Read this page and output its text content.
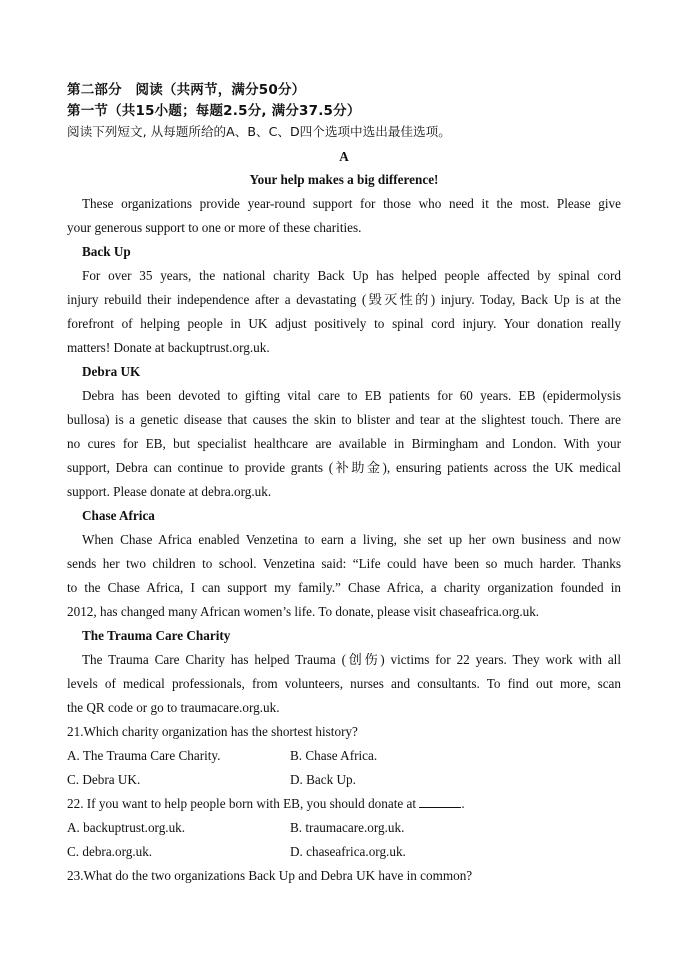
第二部分　阅读（共两节，满分50分）
第一节（共15小题；每题2.5分, 满分37.5分）
阅读下列短文, 从每题所给的A、B、C、D四个选项中选出最佳选项。
A
Your help makes a big difference!
These organizations provide year-round support for those who need it the most. Please give
your generous support to one or more of these charities.
Back Up
For over 35 years, the national charity Back Up has helped people affected by spinal cord
injury rebuild their independence after a devastating (毁灭性的) injury. Today, Back Up is at the
forefront of helping people in UK adjust positively to spinal cord injury. Your donation really
matters! Donate at backuptrust.org.uk.
Debra UK
Debra has been devoted to gifting vital care to EB patients for 60 years. EB (epidermolysis
bullosa) is a genetic disease that causes the skin to blister and tear at the slightest touch. There are
no cures for EB, but specialist healthcare are available in Birmingham and London. With your
support, Debra can continue to provide grants (补助金), ensuring patients across the UK medical
support. Please donate at debra.org.uk.
Chase Africa
When Chase Africa enabled Venzetina to earn a living, she set up her own business and now
sends her two children to school. Venzetina said: “Life could have been so much harder. Thanks
to the Chase Africa, I can support my family.” Chase Africa, a charity organization founded in
2012, has changed many African women’s life. To donate, please visit chaseafrica.org.uk.
The Trauma Care Charity
The Trauma Care Charity has helped Trauma (创伤) victims for 22 years. They work with all
levels of medical professionals, from volunteers, nurses and consultants. To find out more, scan
the QR code or go to traumacare.org.uk.
21.Which charity organization has the shortest history?
A. The Trauma Care Charity.	B. Chase Africa.
C. Debra UK.	D. Back Up.
22. If you want to help people born with EB, you should donate at	.
A. backuptrust.org.uk.	B. traumacare.org.uk.
C. debra.org.uk.	D. chaseafrica.org.uk.
23.What do the two organizations Back Up and Debra UK have in common?
